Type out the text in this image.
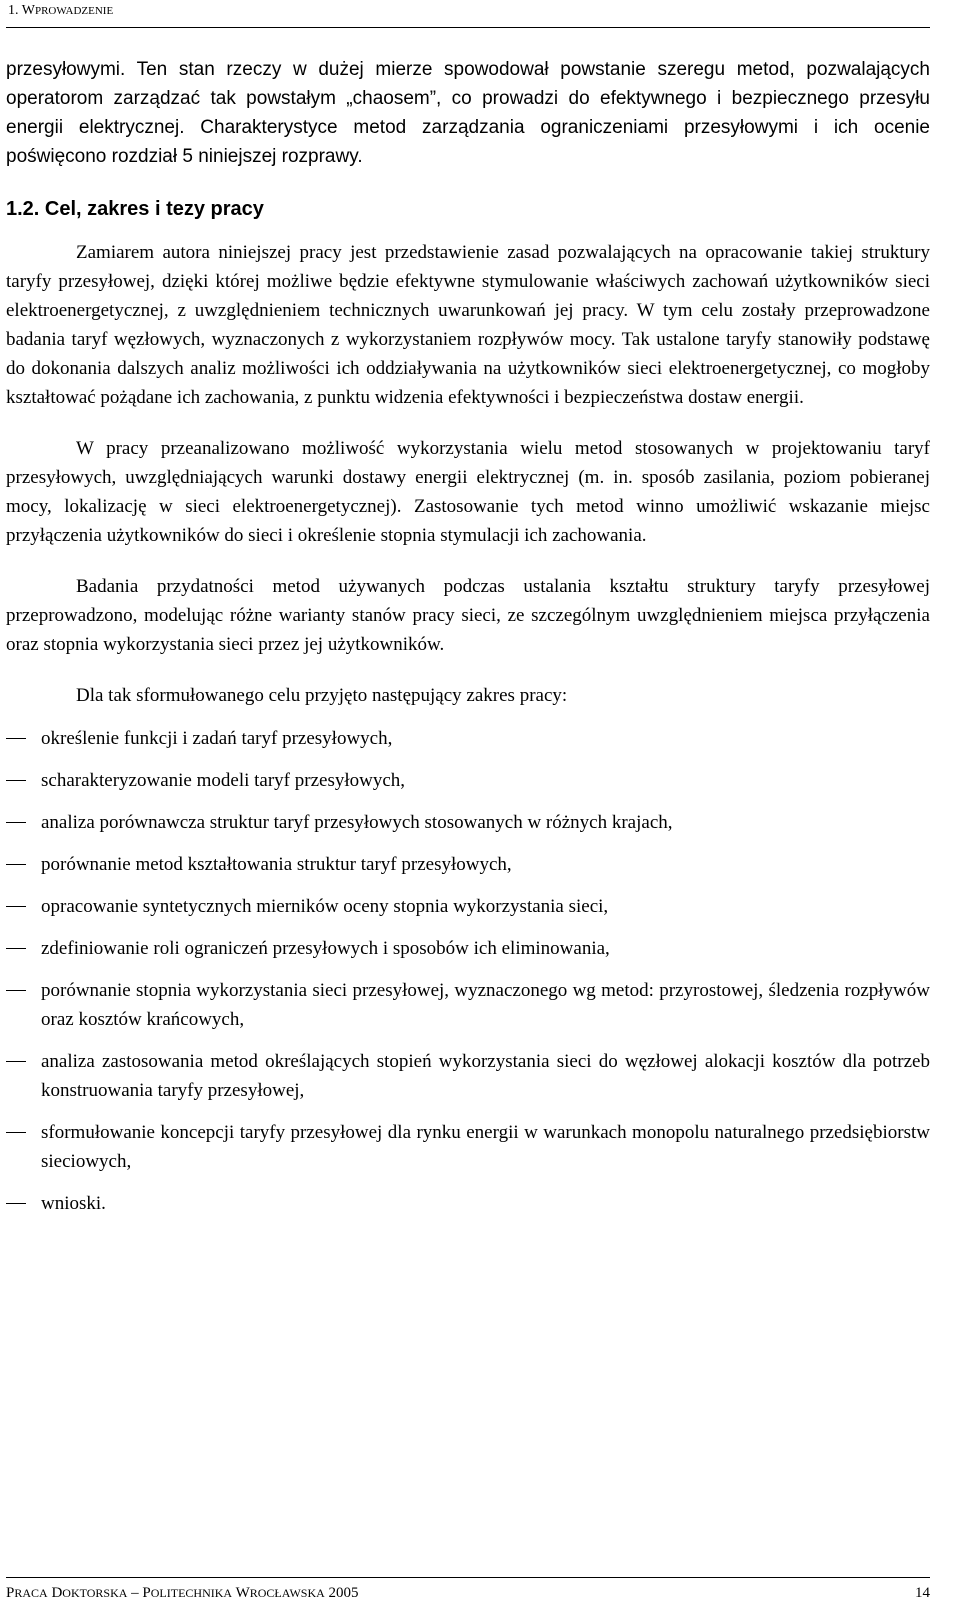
1. WPROWADZENIE

przesyłowymi. Ten stan rzeczy w dużej mierze spowodował powstanie szeregu metod, pozwalających operatorom zarządzać tak powstałym „chaosem”, co prowadzi do efektywnego i bezpiecznego przesyłu energii elektrycznej. Charakterystyce metod zarządzania ograniczeniami przesyłowymi i ich ocenie poświęcono rozdział 5 niniejszej rozprawy.

1.2. Cel, zakres i tezy pracy

Zamiarem autora niniejszej pracy jest przedstawienie zasad pozwalających na opracowanie takiej struktury taryfy przesyłowej, dzięki której możliwe będzie efektywne stymulowanie właściwych zachowań użytkowników sieci elektroenergetycznej, z uwzględnieniem technicznych uwarunkowań jej pracy. W tym celu zostały przeprowadzone badania taryf węzłowych, wyznaczonych z wykorzystaniem rozpływów mocy. Tak ustalone taryfy stanowiły podstawę do dokonania dalszych analiz możliwości ich oddziaływania na użytkowników sieci elektroenergetycznej, co mogłoby kształtować pożądane ich zachowania, z punktu widzenia efektywności i bezpieczeństwa dostaw energii.

W pracy przeanalizowano możliwość wykorzystania wielu metod stosowanych w projektowaniu taryf przesyłowych, uwzględniających warunki dostawy energii elektrycznej (m. in. sposób zasilania, poziom pobieranej mocy, lokalizację w sieci elektroenergetycznej). Zastosowanie tych metod winno umożliwić wskazanie miejsc przyłączenia użytkowników do sieci i określenie stopnia stymulacji ich zachowania.

Badania przydatności metod używanych podczas ustalania kształtu struktury taryfy przesyłowej przeprowadzono, modelując różne warianty stanów pracy sieci, ze szczególnym uwzględnieniem miejsca przyłączenia oraz stopnia wykorzystania sieci przez jej użytkowników.

Dla tak sformułowanego celu przyjęto następujący zakres pracy:

określenie funkcji i zadań taryf przesyłowych,
scharakteryzowanie modeli taryf przesyłowych,
analiza porównawcza struktur taryf przesyłowych stosowanych w różnych krajach,
porównanie metod kształtowania struktur taryf przesyłowych,
opracowanie syntetycznych mierników oceny stopnia wykorzystania sieci,
zdefiniowanie roli ograniczeń przesyłowych i sposobów ich eliminowania,
porównanie stopnia wykorzystania sieci przesyłowej, wyznaczonego wg metod: przyrostowej, śledzenia rozpływów oraz kosztów krańcowych,
analiza zastosowania metod określających stopień wykorzystania sieci do węzłowej alokacji kosztów dla potrzeb konstruowania taryfy przesyłowej,
sformułowanie koncepcji taryfy przesyłowej dla rynku energii w warunkach monopolu naturalnego przedsiębiorstw sieciowych,
wnioski.
PRACA DOKTORSKA – POLITECHNIKA WROCŁAWSKA 2005	14
